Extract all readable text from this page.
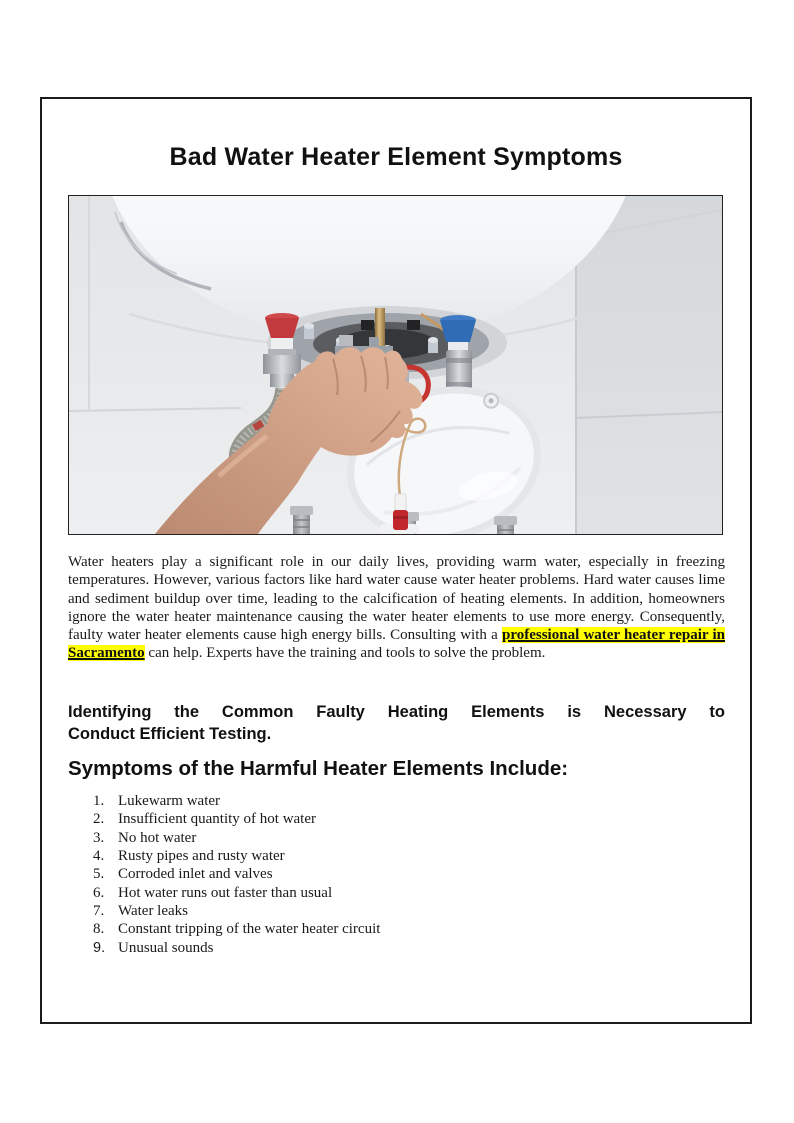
Bad Water Heater Element Symptoms

Water heaters play a significant role in our daily lives, providing warm water, especially in freezing temperatures. However, various factors like hard water cause water heater problems. Hard water causes lime and sediment buildup over time, leading to the calcification of heating elements. In addition, homeowners ignore the water heater maintenance causing the water heater elements to use more energy. Consequently, faulty water heater elements cause high energy bills. Consulting with a professional water heater repair in Sacramento can help. Experts have the training and tools to solve the problem.

Identifying the Common Faulty Heating Elements is Necessary to
Conduct Efficient Testing.
Symptoms of the Harmful Heater Elements Include:
1. Lukewarm water
2. Insufficient quantity of hot water
3. No hot water
4. Rusty pipes and rusty water
5. Corroded inlet and valves
6. Hot water runs out faster than usual
7. Water leaks
8. Constant tripping of the water heater circuit
9. Unusual sounds
